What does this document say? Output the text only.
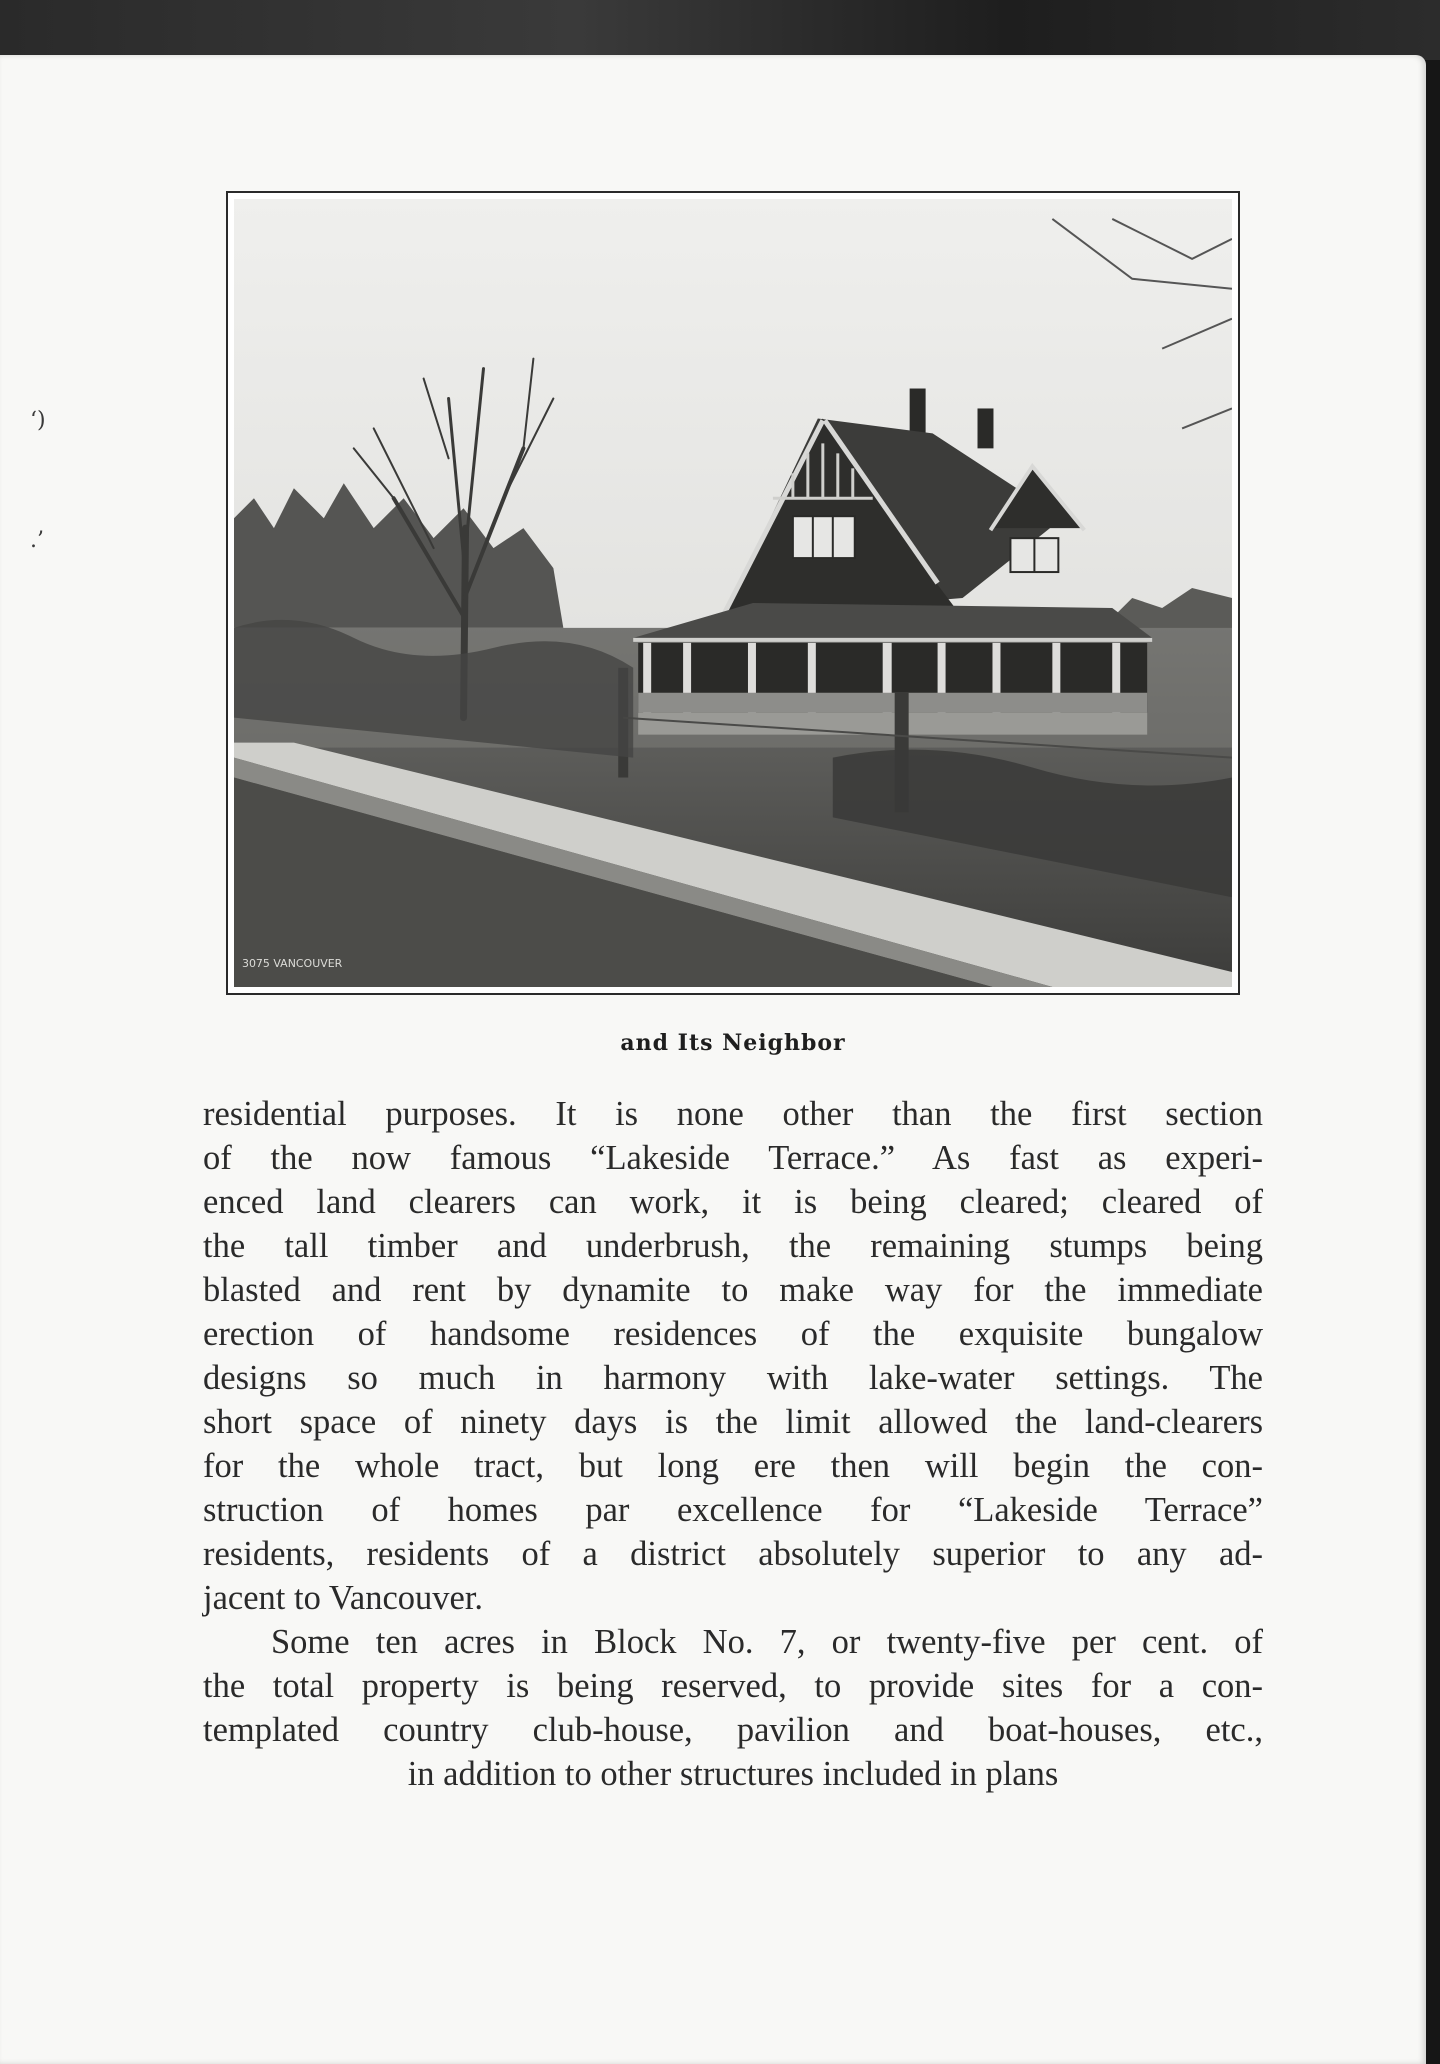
‘)
.’
3075 VANCOUVER
and Its Neighbor
residential purposes. It is none other than the first section
of the now famous “Lakeside Terrace.” As fast as experi-
enced land clearers can work, it is being cleared; cleared of
the tall timber and underbrush, the remaining stumps being
blasted and rent by dynamite to make way for the immediate
erection of handsome residences of the exquisite bungalow
designs so much in harmony with lake-water settings. The
short space of ninety days is the limit allowed the land-clearers
for the whole tract, but long ere then will begin the con-
struction of homes par excellence for “Lakeside Terrace”
residents, residents of a district absolutely superior to any ad-
jacent to Vancouver.
Some ten acres in Block No. 7, or twenty-five per cent. of
the total property is being reserved, to provide sites for a con-
templated country club-house, pavilion and boat-houses, etc.,
in addition to other structures included in plans
